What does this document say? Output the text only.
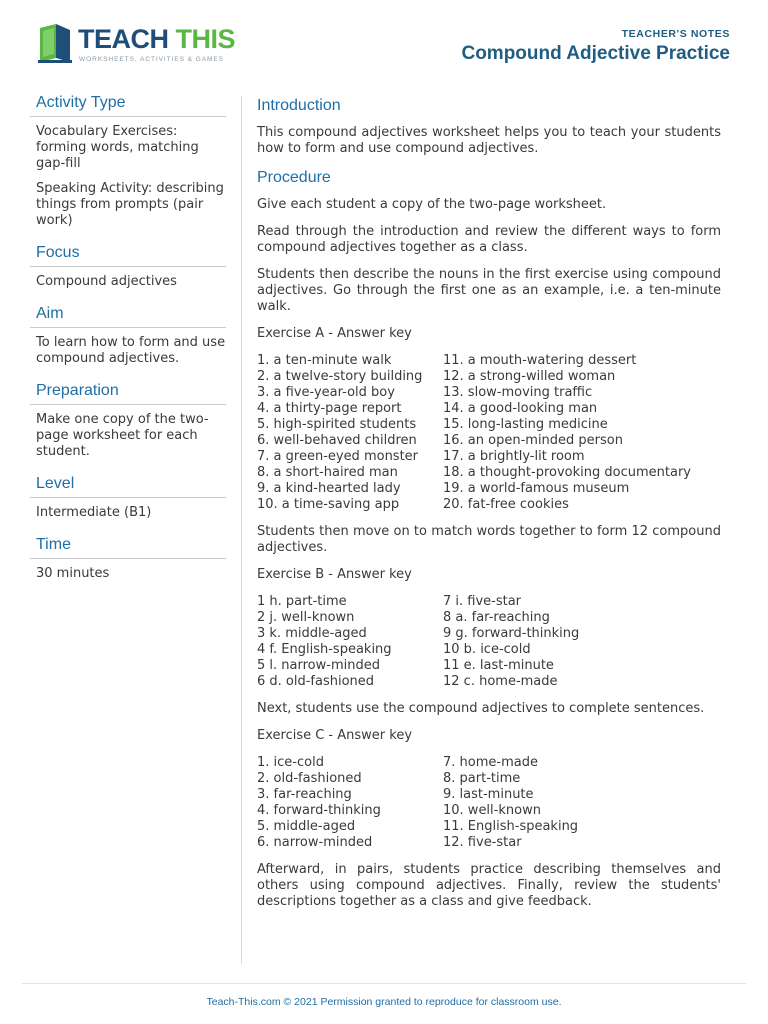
TEACH THIS
WORKSHEETS, ACTIVITIES & GAMES
TEACHER'S NOTES
Compound Adjective Practice
Activity Type

Vocabulary Exercises: forming words, matching gap-fill

Speaking Activity: describing things from prompts (pair work)

Focus

Compound adjectives

Aim

To learn how to form and use compound adjectives.

Preparation

Make one copy of the two-page worksheet for each student.

Level

Intermediate (B1)

Time

30 minutes

Introduction

This compound adjectives worksheet helps you to teach your students how to form and use compound adjectives.

Procedure

Give each student a copy of the two-page worksheet.

Read through the introduction and review the different ways to form compound adjectives together as a class.

Students then describe the nouns in the first exercise using compound adjectives. Go through the first one as an example, i.e. a ten-minute walk.

Exercise A - Answer key

1. a ten-minute walk
2. a twelve-story building
3. a five-year-old boy
4. a thirty-page report
5. high-spirited students
6. well-behaved children
7. a green-eyed monster
8. a short-haired man
9. a kind-hearted lady
10. a time-saving app
11. a mouth-watering dessert
12. a strong-willed woman
13. slow-moving traffic
14. a good-looking man
15. long-lasting medicine
16. an open-minded person
17. a brightly-lit room
18. a thought-provoking documentary
19. a world-famous museum
20. fat-free cookies

Students then move on to match words together to form 12 compound adjectives.

Exercise B - Answer key

1 h. part-time
2 j. well-known
3 k. middle-aged
4 f. English-speaking
5 l. narrow-minded
6 d. old-fashioned
7 i. five-star
8 a. far-reaching
9 g. forward-thinking
10 b. ice-cold
11 e. last-minute
12 c. home-made

Next, students use the compound adjectives to complete sentences.

Exercise C - Answer key

1. ice-cold
2. old-fashioned
3. far-reaching
4. forward-thinking
5. middle-aged
6. narrow-minded
7. home-made
8. part-time
9. last-minute
10. well-known
11. English-speaking
12. five-star

Afterward, in pairs, students practice describing themselves and others using compound adjectives. Finally, review the students' descriptions together as a class and give feedback.

Teach-This.com © 2021 Permission granted to reproduce for classroom use.
